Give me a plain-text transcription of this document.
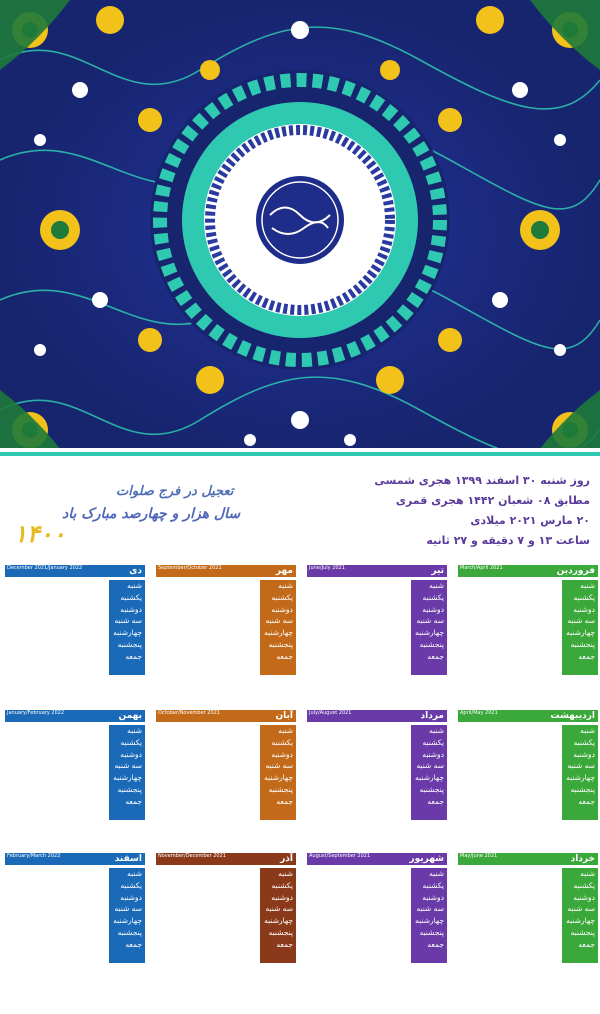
روز شنبه ۳۰ اسفند ۱۳۹۹ هجری شمسی
مطابق ۰۸ شعبان ۱۴۴۲ هجری قمری
۲۰ مارس ۲۰۲۱ میلادی
ساعت ۱۳ و ۷ دقیقه و ۲۷ ثانیه
تعجیل در فرج صلوات
سال هزار و چهارصد مبارک باد
۱۴۰۰
فروردین
March/April 2021
شنبه
یکشنبه
دوشنبه
سه شنبه
چهارشنبه
پنجشنبه
جمعه
تیر
June/July 2021
شنبه
یکشنبه
دوشنبه
سه شنبه
چهارشنبه
پنجشنبه
جمعه
مهر
September/October 2021
شنبه
یکشنبه
دوشنبه
سه شنبه
چهارشنبه
پنجشنبه
جمعه
دی
December 2021/January 2022
شنبه
یکشنبه
دوشنبه
سه شنبه
چهارشنبه
پنجشنبه
جمعه
اردیبهشت
April/May 2021
شنبه
یکشنبه
دوشنبه
سه شنبه
چهارشنبه
پنجشنبه
جمعه
مرداد
July/August 2021
شنبه
یکشنبه
دوشنبه
سه شنبه
چهارشنبه
پنجشنبه
جمعه
آبان
October/November 2021
شنبه
یکشنبه
دوشنبه
سه شنبه
چهارشنبه
پنجشنبه
جمعه
بهمن
January/February 2022
شنبه
یکشنبه
دوشنبه
سه شنبه
چهارشنبه
پنجشنبه
جمعه
خرداد
May/June 2021
شنبه
یکشنبه
دوشنبه
سه شنبه
چهارشنبه
پنجشنبه
جمعه
شهریور
August/September 2021
شنبه
یکشنبه
دوشنبه
سه شنبه
چهارشنبه
پنجشنبه
جمعه
آذر
November/December 2021
شنبه
یکشنبه
دوشنبه
سه شنبه
چهارشنبه
پنجشنبه
جمعه
اسفند
February/March 2022
شنبه
یکشنبه
دوشنبه
سه شنبه
چهارشنبه
پنجشنبه
جمعه
